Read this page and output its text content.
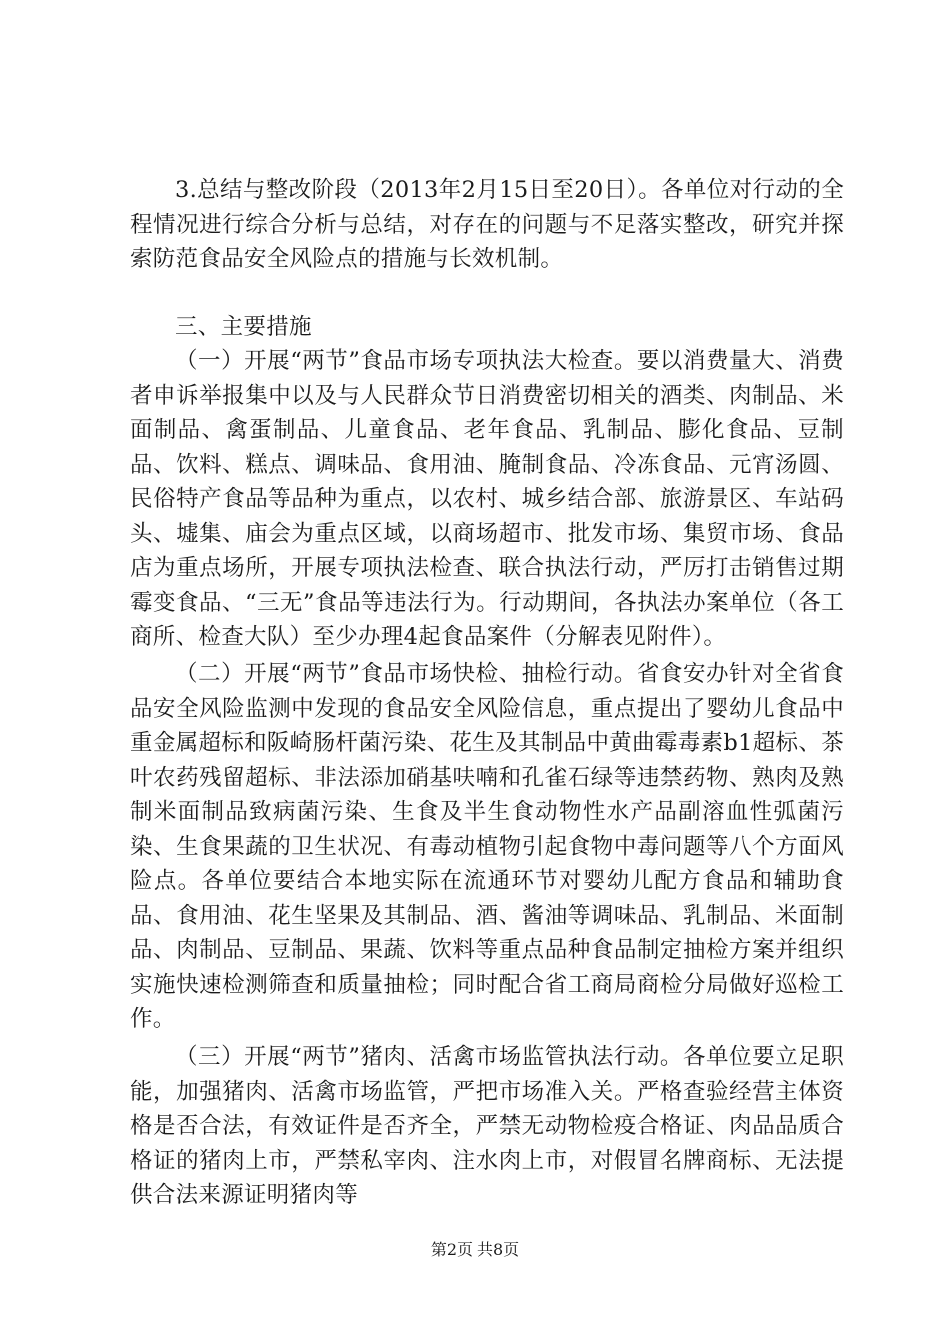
3.总结与整改阶段（2013年2月15日至20日）。各单位对行动的全程情况进行综合分析与总结，对存在的问题与不足落实整改，研究并探索防范食品安全风险点的措施与长效机制。

三、主要措施

（一）开展“两节”食品市场专项执法大检查。要以消费量大、消费者申诉举报集中以及与人民群众节日消费密切相关的酒类、肉制品、米面制品、禽蛋制品、儿童食品、老年食品、乳制品、膨化食品、豆制品、饮料、糕点、调味品、食用油、腌制食品、冷冻食品、元宵汤圆、民俗特产食品等品种为重点，以农村、城乡结合部、旅游景区、车站码头、墟集、庙会为重点区域，以商场超市、批发市场、集贸市场、食品店为重点场所，开展专项执法检查、联合执法行动，严厉打击销售过期霉变食品、“三无”食品等违法行为。行动期间，各执法办案单位（各工商所、检查大队）至少办理4起食品案件（分解表见附件）。

（二）开展“两节”食品市场快检、抽检行动。省食安办针对全省食品安全风险监测中发现的食品安全风险信息，重点提出了婴幼儿食品中重金属超标和阪崎肠杆菌污染、花生及其制品中黄曲霉毒素b1超标、茶叶农药残留超标、非法添加硝基呋喃和孔雀石绿等违禁药物、熟肉及熟制米面制品致病菌污染、生食及半生食动物性水产品副溶血性弧菌污染、生食果蔬的卫生状况、有毒动植物引起食物中毒问题等八个方面风险点。各单位要结合本地实际在流通环节对婴幼儿配方食品和辅助食品、食用油、花生坚果及其制品、酒、酱油等调味品、乳制品、米面制品、肉制品、豆制品、果蔬、饮料等重点品种食品制定抽检方案并组织实施快速检测筛查和质量抽检；同时配合省工商局商检分局做好巡检工作。

（三）开展“两节”猪肉、活禽市场监管执法行动。各单位要立足职能，加强猪肉、活禽市场监管，严把市场准入关。严格查验经营主体资格是否合法，有效证件是否齐全，严禁无动物检疫合格证、肉品品质合格证的猪肉上市，严禁私宰肉、注水肉上市，对假冒名牌商标、无法提供合法来源证明猪肉等

第2页 共8页
